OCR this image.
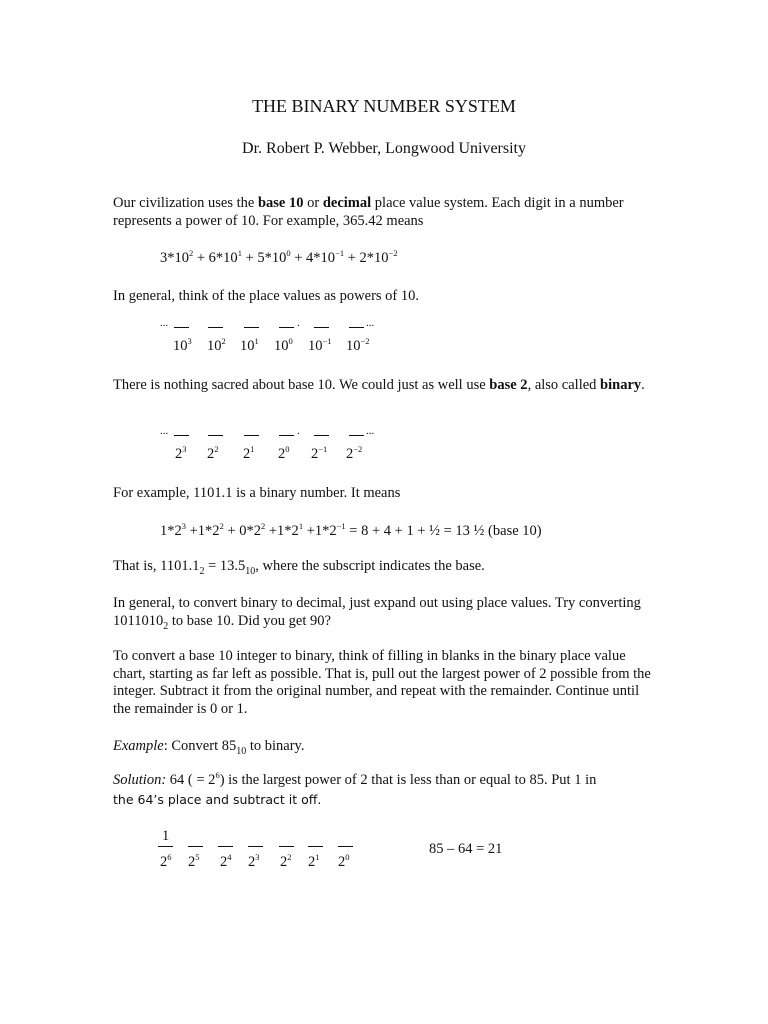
THE BINARY NUMBER SYSTEM
Dr. Robert P. Webber, Longwood University

Our civilization uses the base 10 or decimal place value system. Each digit in a number represents a power of 10. For example, 365.42 means

$3*10^2 + 6*10^1 + 5*10^0 + 4*10^{-1} + 2*10^{-2}$

In general, think of the place values as powers of 10.

...	.	...
$10^3$ $10^2$ $10^1$ $10^0$ $10^{-1}$ $10^{-2}$

There is nothing sacred about base 10. We could just as well use base 2, also called binary.

...	.	...
$2^3$ $2^2$ $2^1$ $2^0$ $2^{-1}$ $2^{-2}$

For example, 1101.1 is a binary number. It means

$1*2^3 +1*2^2 + 0*2^2 +1*2^1 +1*2^{-1} = 8 + 4 + 1$ + ½ = 13 ½ (base 10)

That is, $1101.1_2 = 13.5_{10}$, where the subscript indicates the base.

In general, to convert binary to decimal, just expand out using place values. Try converting $1011010_2$ to base 10. Did you get 90?

To convert a base 10 integer to binary, think of filling in blanks in the binary place value chart, starting as far left as possible. That is, pull out the largest power of 2 possible from the integer. Subtract it from the original number, and repeat with the remainder. Continue until the remainder is 0 or 1.

Example: Convert $85_{10}$ to binary.

Solution: 64 ( = $2^6$) is the largest power of 2 that is less than or equal to 85. Put 1 in

the 64’s place and subtract it off.

1
$2^6$ $2^5$ $2^4$ $2^3$ $2^2$ $2^1$ $2^0$	85 – 64 = 21
